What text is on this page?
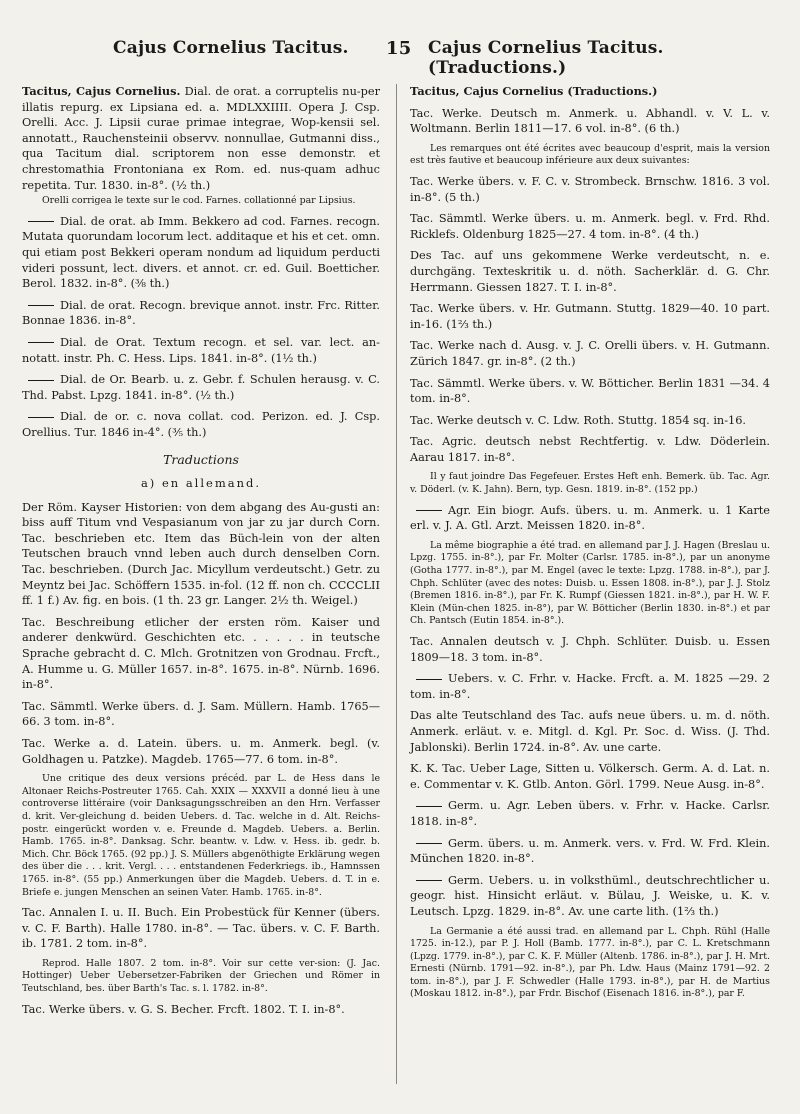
Cajus Cornelius Tacitus. 15 Cajus Cornelius Tacitus. (Traductions.)

Tacitus, Cajus Cornelius. Dial. de orat. a corruptelis nu-per illatis repurg. ex Lipsiana ed. a. MDLXXIIII. Opera J. Csp. Orelli. Acc. J. Lipsii curae primae integrae, Wop-kensii sel. annotatt., Rauchensteinii observv. nonnullae, Gutmanni diss., qua Tacitum dial. scriptorem non esse demonstr. et chrestomathia Frontoniana ex Rom. ed. nus-quam adhuc repetita. Tur. 1830. in-8°. (½ th.)

Orelli corrigea le texte sur le cod. Farnes. collationné par Lipsius.

Dial. de orat. ab Imm. Bekkero ad cod. Farnes. recogn. Mutata quorundam locorum lect. additaque et his et cet. omn. qui etiam post Bekkeri operam nondum ad liquidum perducti videri possunt, lect. divers. et annot. cr. ed. Guil. Boetticher. Berol. 1832. in-8°. (⅜ th.)

Dial. de orat. Recogn. brevique annot. instr. Frc. Ritter. Bonnae 1836. in-8°.

Dial. de Orat. Textum recogn. et sel. var. lect. an-notatt. instr. Ph. C. Hess. Lips. 1841. in-8°. (1½ th.)

Dial. de Or. Bearb. u. z. Gebr. f. Schulen herausg. v. C. Thd. Pabst. Lpzg. 1841. in-8°. (½ th.)

Dial. de or. c. nova collat. cod. Perizon. ed. J. Csp. Orellius. Tur. 1846 in-4°. (⅗ th.)

Traductions
a) en allemand.

Der Röm. Kayser Historien: von dem abgang des Au-gusti an: biss auff Titum vnd Vespasianum von jar zu jar durch Corn. Tac. beschrieben etc. Item das Büch-lein von der alten Teutschen brauch vnnd leben auch durch denselben Corn. Tac. beschrieben. (Durch Jac. Micyllum verdeutscht.) Getr. zu Meyntz bei Jac. Schöffern 1535. in-fol. (12 ff. non ch. CCCCLII ff. 1 f.) Av. fig. en bois. (1 th. 23 gr. Langer. 2½ th. Weigel.)

Tac. Beschreibung etlicher der ersten röm. Kaiser und anderer denkwürd. Geschichten etc. . . . . . in teutsche Sprache gebracht d. C. Mlch. Grotnitzen von Grodnau. Frcft., A. Humme u. G. Müller 1657. in-8°. 1675. in-8°. Nürnb. 1696. in-8°.

Tac. Sämmtl. Werke übers. d. J. Sam. Müllern. Hamb. 1765—66. 3 tom. in-8°.

Tac. Werke a. d. Latein. übers. u. m. Anmerk. begl. (v. Goldhagen u. Patzke). Magdeb. 1765—77. 6 tom. in-8°.

Une critique des deux versions précéd. par L. de Hess dans le Altonaer Reichs-Postreuter 1765. Cah. XXIX — XXXVII a donné lieu à une controverse littéraire (voir Danksagungsschreiben an den Hrn. Verfasser d. krit. Ver-gleichung d. beiden Uebers. d. Tac. welche in d. Alt. Reichs-postr. eingerückt worden v. e. Freunde d. Magdeb. Uebers. a. Berlin. Hamb. 1765. in-8°. Danksag. Schr. beantw. v. Ldw. v. Hess. ib. gedr. b. Mich. Chr. Böck 1765. (92 pp.) J. S. Müllers abgenöthigte Erklärung wegen des über die . . . krit. Vergl. . . . entstandenen Federkriegs. ib., Hamnssen 1765. in-8°. (55 pp.) Anmerkungen über die Magdeb. Uebers. d. T. in e. Briefe e. jungen Menschen an seinen Vater. Hamb. 1765. in-8°.

Tac. Annalen I. u. II. Buch. Ein Probestück für Kenner (übers. v. C. F. Barth). Halle 1780. in-8°. — Tac. übers. v. C. F. Barth. ib. 1781. 2 tom. in-8°.

Reprod. Halle 1807. 2 tom. in-8°. Voir sur cette ver-sion: (J. Jac. Hottinger) Ueber Uebersetzer-Fabriken der Griechen und Römer in Teutschland, bes. über Barth's Tac. s. l. 1782. in-8°.

Tac. Werke übers. v. G. S. Becher. Frcft. 1802. T. I. in-8°.

Tacitus, Cajus Cornelius (Traductions.)

Tac. Werke. Deutsch m. Anmerk. u. Abhandl. v. V. L. v. Woltmann. Berlin 1811—17. 6 vol. in-8°. (6 th.)

Les remarques ont été écrites avec beaucoup d'esprit, mais la version est très fautive et beaucoup inférieure aux deux suivantes:

Tac. Werke übers. v. F. C. v. Strombeck. Brnschw. 1816. 3 vol. in-8°. (5 th.)

Tac. Sämmtl. Werke übers. u. m. Anmerk. begl. v. Frd. Rhd. Ricklefs. Oldenburg 1825—27. 4 tom. in-8°. (4 th.)

Des Tac. auf uns gekommene Werke verdeutscht, n. e. durchgäng. Texteskritik u. d. nöth. Sacherklär. d. G. Chr. Herrmann. Giessen 1827. T. I. in-8°.

Tac. Werke übers. v. Hr. Gutmann. Stuttg. 1829—40. 10 part. in-16. (1⅔ th.)

Tac. Werke nach d. Ausg. v. J. C. Orelli übers. v. H. Gutmann. Zürich 1847. gr. in-8°. (2 th.)

Tac. Sämmtl. Werke übers. v. W. Bötticher. Berlin 1831 —34. 4 tom. in-8°.

Tac. Werke deutsch v. C. Ldw. Roth. Stuttg. 1854 sq. in-16.

Tac. Agric. deutsch nebst Rechtfertig. v. Ldw. Döderlein. Aarau 1817. in-8°.

Il y faut joindre Das Fegefeuer. Erstes Heft enh. Bemerk. üb. Tac. Agr. v. Döderl. (v. K. Jahn). Bern, typ. Gesn. 1819. in-8°. (152 pp.)

Agr. Ein biogr. Aufs. übers. u. m. Anmerk. u. 1 Karte erl. v. J. A. Gtl. Arzt. Meissen 1820. in-8°.

La même biographie a été trad. en allemand par J. J. Hagen (Breslau u. Lpzg. 1755. in-8°.), par Fr. Molter (Carlsr. 1785. in-8°.), par un anonyme (Gotha 1777. in-8°.), par M. Engel (avec le texte: Lpzg. 1788. in-8°.), par J. Chph. Schlüter (avec des notes: Duisb. u. Essen 1808. in-8°.), par J. J. Stolz (Bremen 1816. in-8°.), par Fr. K. Rumpf (Giessen 1821. in-8°.), par H. W. F. Klein (Mün-chen 1825. in-8°), par W. Bötticher (Berlin 1830. in-8°.) et par Ch. Pantsch (Eutin 1854. in-8°.).

Tac. Annalen deutsch v. J. Chph. Schlüter. Duisb. u. Essen 1809—18. 3 tom. in-8°.

Uebers. v. C. Frhr. v. Hacke. Frcft. a. M. 1825 —29. 2 tom. in-8°.

Das alte Teutschland des Tac. aufs neue übers. u. m. d. nöth. Anmerk. erläut. v. e. Mitgl. d. Kgl. Pr. Soc. d. Wiss. (J. Thd. Jablonski). Berlin 1724. in-8°. Av. une carte.

K. K. Tac. Ueber Lage, Sitten u. Völkersch. Germ. A. d. Lat. n. e. Commentar v. K. Gtlb. Anton. Görl. 1799. Neue Ausg. in-8°.

Germ. u. Agr. Leben übers. v. Frhr. v. Hacke. Carlsr. 1818. in-8°.

Germ. übers. u. m. Anmerk. vers. v. Frd. W. Frd. Klein. München 1820. in-8°.

Germ. Uebers. u. in volksthüml., deutschrechtlicher u. geogr. hist. Hinsicht erläut. v. Bülau, J. Weiske, u. K. v. Leutsch. Lpzg. 1829. in-8°. Av. une carte lith. (1⅔ th.)

La Germanie a été aussi trad. en allemand par L. Chph. Rühl (Halle 1725. in-12.), par P. J. Holl (Bamb. 1777. in-8°.), par C. L. Kretschmann (Lpzg. 1779. in-8°.), par C. K. F. Müller (Altenb. 1786. in-8°.), par J. H. Mrt. Ernesti (Nürnb. 1791—92. in-8°.), par Ph. Ldw. Haus (Mainz 1791—92. 2 tom. in-8°.), par J. F. Schwedler (Halle 1793. in-8°.), par H. de Martius (Moskau 1812. in-8°.), par Frdr. Bischof (Eisenach 1816. in-8°.), par F.
